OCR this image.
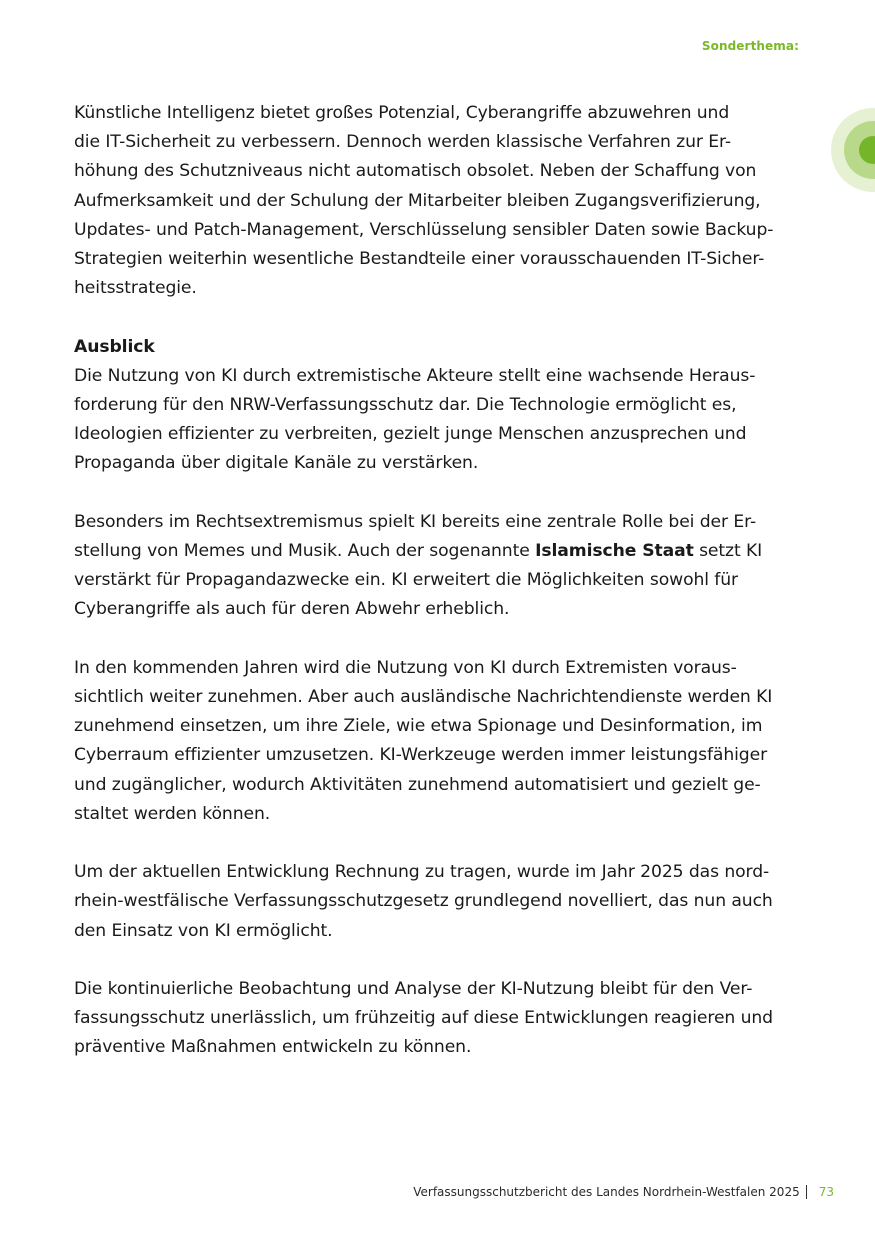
Sonderthema:

Künstliche Intelligenz bietet großes Potenzial, Cyberangriffe abzuwehren und
die IT-Sicherheit zu verbessern. Dennoch werden klassische Verfahren zur Er-
höhung des Schutzniveaus nicht automatisch obsolet. Neben der Schaffung von
Aufmerksamkeit und der Schulung der Mitarbeiter bleiben Zugangsverifizierung,
Updates- und Patch-Management, Verschlüsselung sensibler Daten sowie Backup-
Strategien weiterhin wesentliche Bestandteile einer vorausschauenden IT-Sicher-
heitsstrategie.

Ausblick

Die Nutzung von KI durch extremistische Akteure stellt eine wachsende Heraus-
forderung für den NRW-Verfassungsschutz dar. Die Technologie ermöglicht es,
Ideologien effizienter zu verbreiten, gezielt junge Menschen anzusprechen und
Propaganda über digitale Kanäle zu verstärken.

Besonders im Rechtsextremismus spielt KI bereits eine zentrale Rolle bei der Er-
stellung von Memes und Musik. Auch der sogenannte Islamische Staat setzt KI
verstärkt für Propagandazwecke ein. KI erweitert die Möglichkeiten sowohl für
Cyberangriffe als auch für deren Abwehr erheblich.

In den kommenden Jahren wird die Nutzung von KI durch Extremisten voraus-
sichtlich weiter zunehmen. Aber auch ausländische Nachrichtendienste werden KI
zunehmend einsetzen, um ihre Ziele, wie etwa Spionage und Desinformation, im
Cyberraum effizienter umzusetzen. KI-Werkzeuge werden immer leistungsfähiger
und zugänglicher, wodurch Aktivitäten zunehmend automatisiert und gezielt ge-
staltet werden können.

Um der aktuellen Entwicklung Rechnung zu tragen, wurde im Jahr 2025 das nord-
rhein-westfälische Verfassungsschutzgesetz grundlegend novelliert, das nun auch
den Einsatz von KI ermöglicht.

Die kontinuierliche Beobachtung und Analyse der KI-Nutzung bleibt für den Ver-
fassungsschutz unerlässlich, um frühzeitig auf diese Entwicklungen reagieren und
präventive Maßnahmen entwickeln zu können.

Verfassungsschutzbericht des Landes Nordrhein-Westfalen 2025 73
